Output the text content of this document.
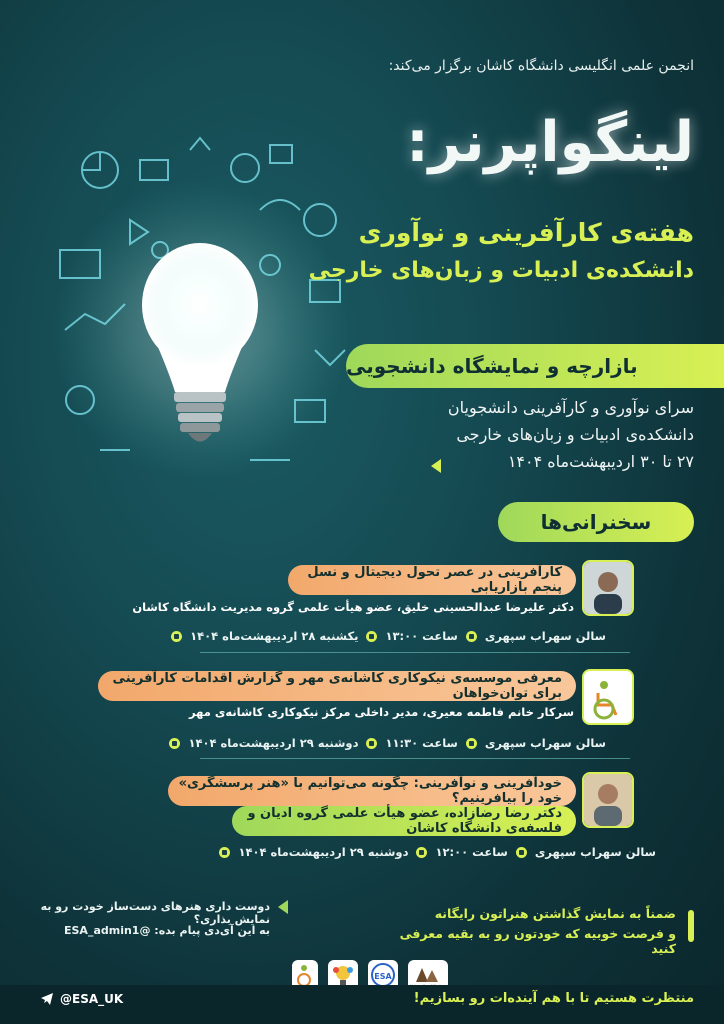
انجمن علمی انگلیسی دانشگاه کاشان برگزار می‌کند:
لینگواپرنر:
هفته‌ی کارآفرینی و نوآوری
دانشکده‌ی ادبیات و زبان‌های خارجی
بازارچه و نمایشگاه دانشجویی
سرای نوآوری و کارآفرینی دانشجویان
دانشکده‌ی ادبیات و زبان‌های خارجی
۲۷ تا ۳۰ اردیبهشت‌ماه ۱۴۰۴
سخنرانی‌ها
کارآفرینی در عصر تحول دیجیتال و نسل پنجم بازاریابی
دکتر علیرضا عبدالحسینی خلیق، عضو هیأت علمی گروه مدیریت دانشگاه کاشان
یکشنبه ۲۸ اردیبهشت‌ماه ۱۴۰۴ ساعت ۱۳:۰۰ سالن سهراب سپهری
معرفی موسسه‌ی نیکوکاری کاشانه‌ی مهر و گزارش اقدامات کارآفرینی برای توان‌خواهان
سرکار خانم فاطمه معیری، مدیر داخلی مرکز نیکوکاری کاشانه‌ی مهر
دوشنبه ۲۹ اردیبهشت‌ماه ۱۴۰۴ ساعت ۱۱:۳۰ سالن سهراب سپهری
خودآفرینی و نوآفرینی: چگونه می‌توانیم با «هنر پرسشگری» خود را بیافرینیم؟
دکتر رضا رضازاده، عضو هیأت علمی گروه ادیان و فلسفه‌ی دانشگاه کاشان
دوشنبه ۲۹ اردیبهشت‌ماه ۱۴۰۴ ساعت ۱۲:۰۰ سالن سهراب سپهری
دوست داری هنرهای دست‌ساز خودت رو به نمایش بذاری؟
به این آی‌دی پیام بده: @ESA_admin1
ضمناً به نمایش گذاشتن هنراتون رایگانه
و فرصت خوبیه که خودتون رو به بقیه معرفی کنید
ESA
@ESA_UK	منتظرت هستیم تا با هم آینده‌ات رو بسازیم!
